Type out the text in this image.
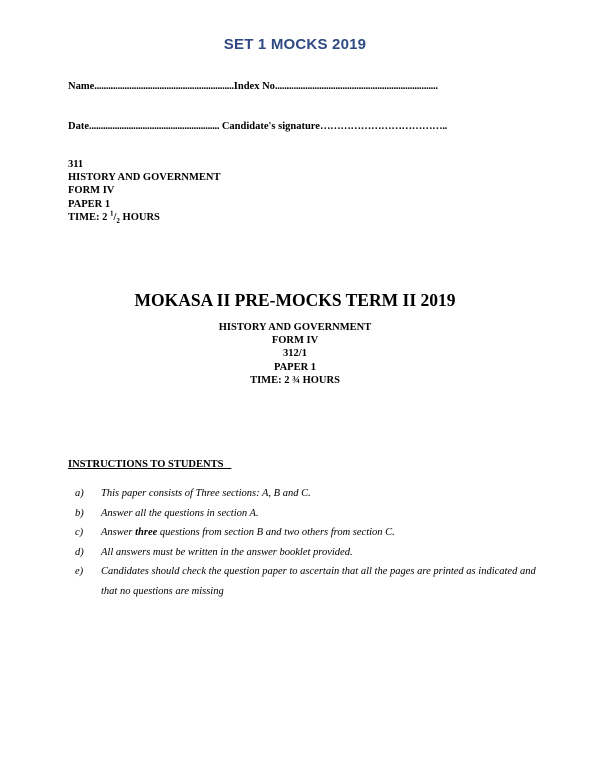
SET 1 MOCKS 2019
Name............................................................Index No......................................................................
Date........................................................ Candidate's signature………………………………..
311
HISTORY AND GOVERNMENT
FORM IV
PAPER 1
TIME: 2 $^1/_2$ HOURS
MOKASA II PRE-MOCKS TERM II 2019
HISTORY AND GOVERNMENT
FORM IV
312/1
PAPER 1
TIME: 2 ¾ HOURS
INSTRUCTIONS TO STUDENTS
a) This paper consists of Three sections: A, B and C.
b) Answer all the questions in section A.
c) Answer three questions from section B and two others from section C.
d) All answers must be written in the answer booklet provided.
e) Candidates should check the question paper to ascertain that all the pages are printed as indicated and that no questions are missing
